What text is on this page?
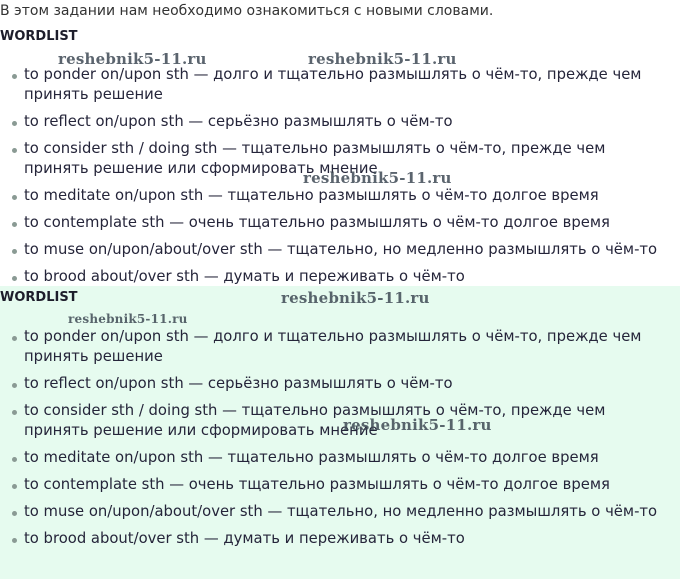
В этом задании нам необходимо ознакомиться с новыми словами.
WORDLIST
to ponder on/upon sth — долго и тщательно размышлять о чём-то, прежде чем принять решение
to reflect on/upon sth — серьёзно размышлять о чём-то
to consider sth / doing sth — тщательно размышлять о чём-то, прежде чем принять решение или сформировать мнение
to meditate on/upon sth — тщательно размышлять о чём-то долгое время
to contemplate sth — очень тщательно размышлять о чём-то долгое время
to muse on/upon/about/over sth — тщательно, но медленно размышлять о чём-то
to brood about/over sth — думать и переживать о чём-то
WORDLIST
to ponder on/upon sth — долго и тщательно размышлять о чём-то, прежде чем принять решение
to reflect on/upon sth — серьёзно размышлять о чём-то
to consider sth / doing sth — тщательно размышлять о чём-то, прежде чем принять решение или сформировать мнение
to meditate on/upon sth — тщательно размышлять о чём-то долгое время
to contemplate sth — очень тщательно размышлять о чём-то долгое время
to muse on/upon/about/over sth — тщательно, но медленно размышлять о чём-то
to brood about/over sth — думать и переживать о чём-то
reshebnik5-11.ru	reshebnik5-11.ru
reshebnik5-11.ru
reshebnik5-11.ru
reshebnik5-11.ru
reshebnik5-11.ru
